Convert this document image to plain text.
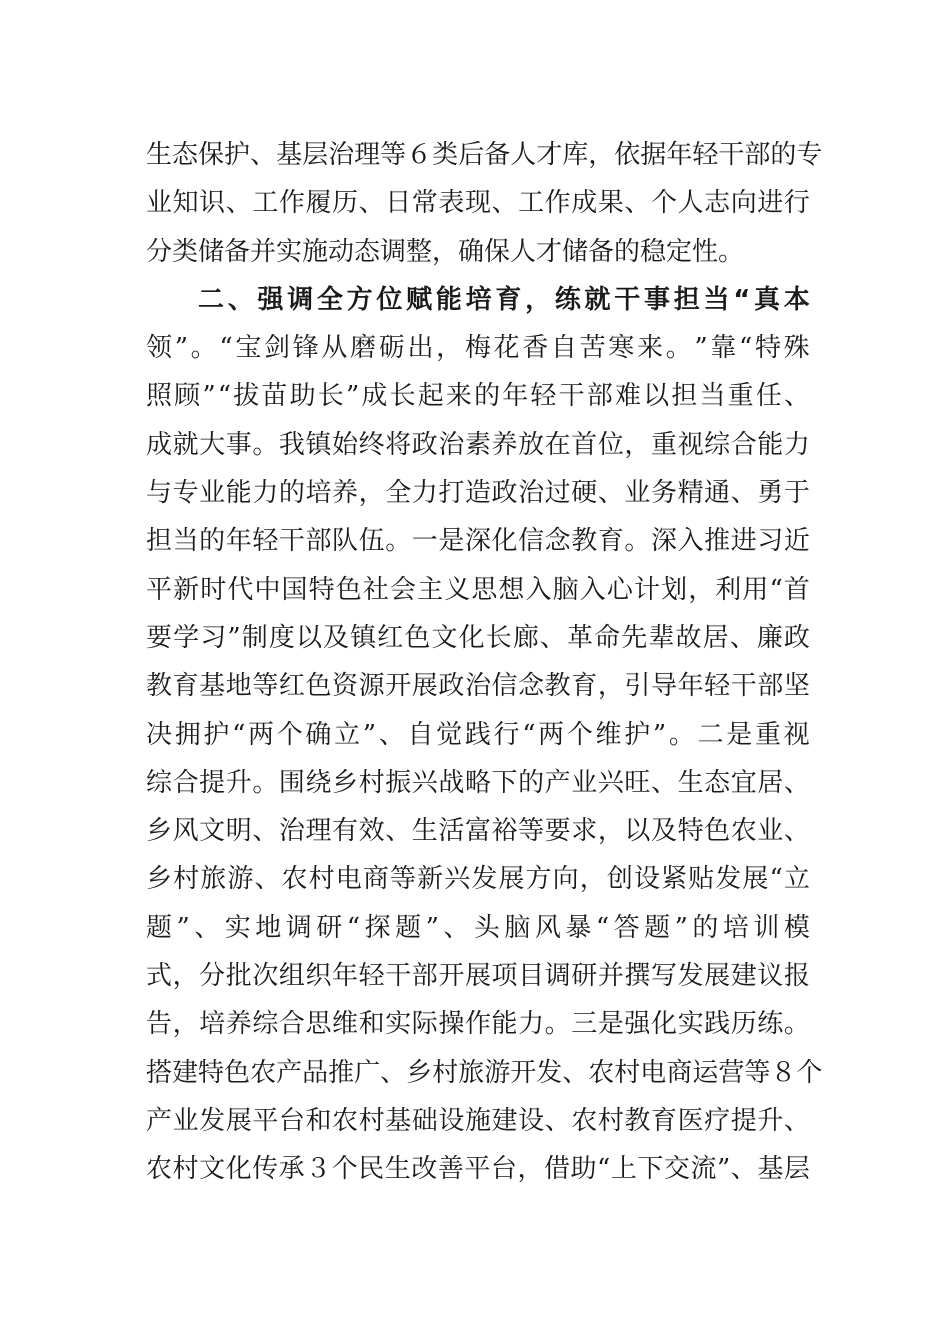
生 态 保 护 、 基 层 治 理 等 ６ 类 后 备 人 才 库 ， 依 据 年 轻 干 部 的 专
业 知 识 、 工 作 履 历 、 日 常 表 现 、 工 作 成 果 、 个 人 志 向 进 行
分类储备并实施动态调整，确保人才储备的稳定性。
二 、 强 调 全 方 位 赋 能 培 育 ， 练 就 干 事 担 当 “ 真 本
领 ” 。 “ 宝 剑 锋 从 磨 砺 出 ， 梅 花 香 自 苦 寒 来 。 ” 靠 “ 特 殊
照 顾 ” “ 拔 苗 助 长 ” 成 长 起 来 的 年 轻 干 部 难 以 担 当 重 任 、
成 就 大 事 。 我 镇 始 终 将 政 治 素 养 放 在 首 位 ， 重 视 综 合 能 力
与 专 业 能 力 的 培 养 ， 全 力 打 造 政 治 过 硬 、 业 务 精 通 、 勇 于
担 当 的 年 轻 干 部 队 伍 。 一 是 深 化 信 念 教 育 。 深 入 推 进 习 近
平 新 时 代 中 国 特 色 社 会 主 义 思 想 入 脑 入 心 计 划 ， 利 用 “ 首
要 学 习 ” 制 度 以 及 镇 红 色 文 化 长 廊 、 革 命 先 辈 故 居 、 廉 政
教 育 基 地 等 红 色 资 源 开 展 政 治 信 念 教 育 ， 引 导 年 轻 干 部 坚
决 拥 护 “ 两 个 确 立 ” 、 自 觉 践 行 “ 两 个 维 护 ” 。 二 是 重 视
综 合 提 升 。 围 绕 乡 村 振 兴 战 略 下 的 产 业 兴 旺 、 生 态 宜 居 、
乡 风 文 明 、 治 理 有 效 、 生 活 富 裕 等 要 求 ， 以 及 特 色 农 业 、
乡 村 旅 游 、 农 村 电 商 等 新 兴 发 展 方 向 ， 创 设 紧 贴 发 展 “ 立
题 ” 、 实 地 调 研 “ 探 题 ” 、 头 脑 风 暴 “ 答 题 ” 的 培 训 模
式 ， 分 批 次 组 织 年 轻 干 部 开 展 项 目 调 研 并 撰 写 发 展 建 议 报
告 ， 培 养 综 合 思 维 和 实 际 操 作 能 力 。 三 是 强 化 实 践 历 练 。
搭 建 特 色 农 产 品 推 广 、 乡 村 旅 游 开 发 、 农 村 电 商 运 营 等 ８ 个
产 业 发 展 平 台 和 农 村 基 础 设 施 建 设 、 农 村 教 育 医 疗 提 升 、
农 村 文 化 传 承 ３ 个 民 生 改 善 平 台 ， 借 助 “ 上 下 交 流 ” 、 基 层
